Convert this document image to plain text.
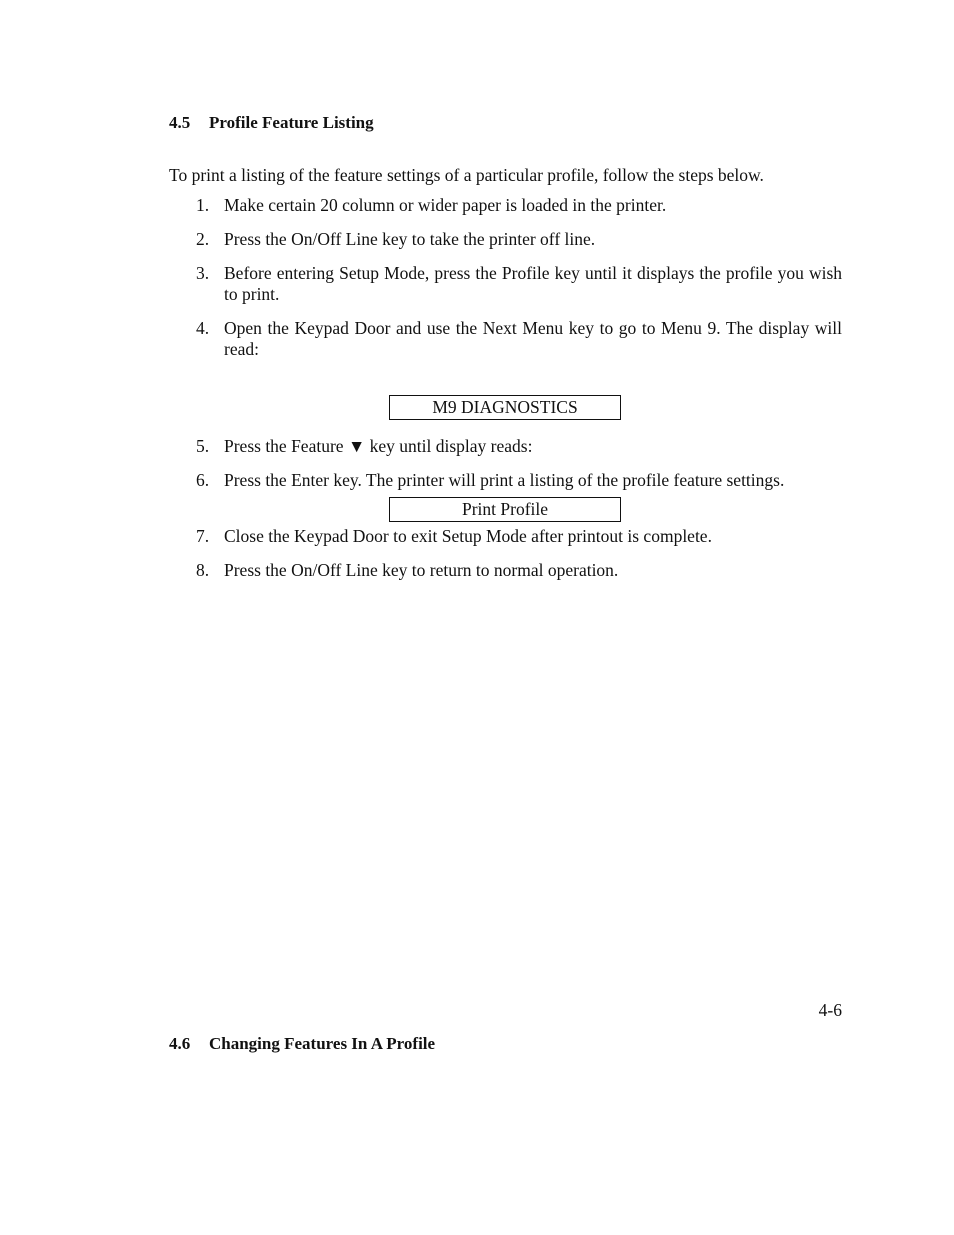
4.5 Profile Feature Listing
To print a listing of the feature settings of a particular profile, follow the steps below.
1. Make certain 20 column or wider paper is loaded in the printer.
2. Press the On/Off Line key to take the printer off line.
3. Before entering Setup Mode, press the Profile key until it displays the profile you wish to print.
4. Open the Keypad Door and use the Next Menu key to go to Menu 9. The display will read:
M9 DIAGNOSTICS
5. Press the Feature ▼ key until display reads:
6. Press the Enter key. The printer will print a listing of the profile feature settings.
Print Profile
7. Close the Keypad Door to exit Setup Mode after printout is complete.
8. Press the On/Off Line key to return to normal operation.
4-6
4.6 Changing Features In A Profile
